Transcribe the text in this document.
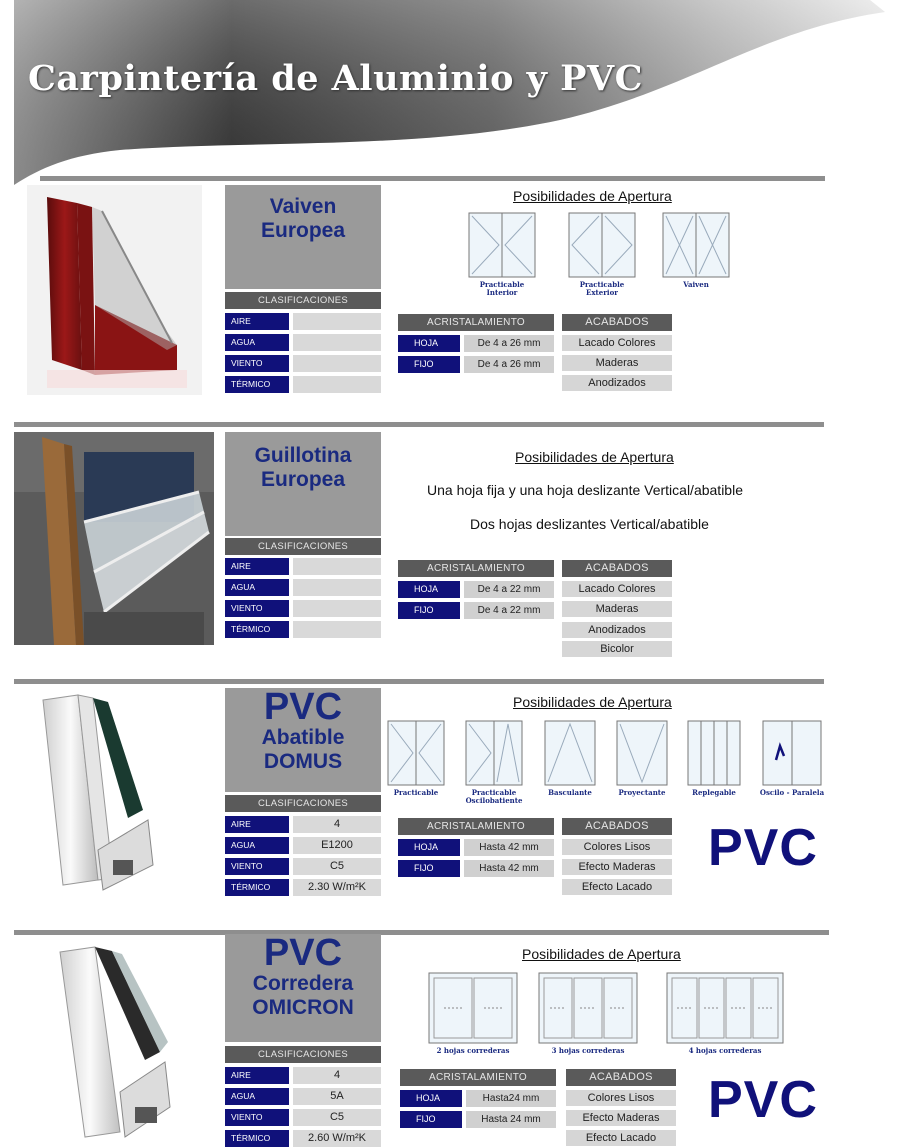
Carpintería de Aluminio y PVC
Vaiven
Europea
CLASIFICACIONES
AIRE
AGUA
VIENTO
TÉRMICO
Posibilidades de Apertura
Practicable Interior
Practicable Exterior
Vaiven
ACRISTALAMIENTO
HOJA	De 4 a 26 mm
FIJO	De 4 a 26 mm
ACABADOS
Lacado Colores
Maderas
Anodizados
Guillotina
Europea
CLASIFICACIONES
AIRE
AGUA
VIENTO
TÉRMICO
Posibilidades de Apertura
Una hoja fija y una hoja deslizante Vertical/abatible
Dos hojas deslizantes Vertical/abatible
ACRISTALAMIENTO
HOJA	De 4 a 22 mm
FIJO	De 4 a 22 mm
ACABADOS
Lacado Colores
Maderas
Anodizados
Bicolor
PVC
Abatible
DOMUS
CLASIFICACIONES
AIRE	4
AGUA	E1200
VIENTO	C5
TÉRMICO	2.30 W/m²K
Posibilidades de Apertura
Practicable	Practicable Oscilobatiente
Basculante	Proyectante	Replegable	Oscilo - Paralela
ACRISTALAMIENTO
HOJA	Hasta 42 mm
FIJO	Hasta 42 mm
ACABADOS
Colores Lisos
Efecto Maderas
Efecto Lacado
PVC
PVC
Corredera
OMICRON
CLASIFICACIONES
AIRE	4
AGUA	5A
VIENTO	C5
TÉRMICO	2.60 W/m²K
Posibilidades de Apertura
2 hojas correderas	3 hojas correderas	4 hojas correderas
ACRISTALAMIENTO
HOJA	Hasta24 mm
FIJO	Hasta 24 mm
ACABADOS
Colores Lisos
Efecto Maderas
Efecto Lacado
PVC
